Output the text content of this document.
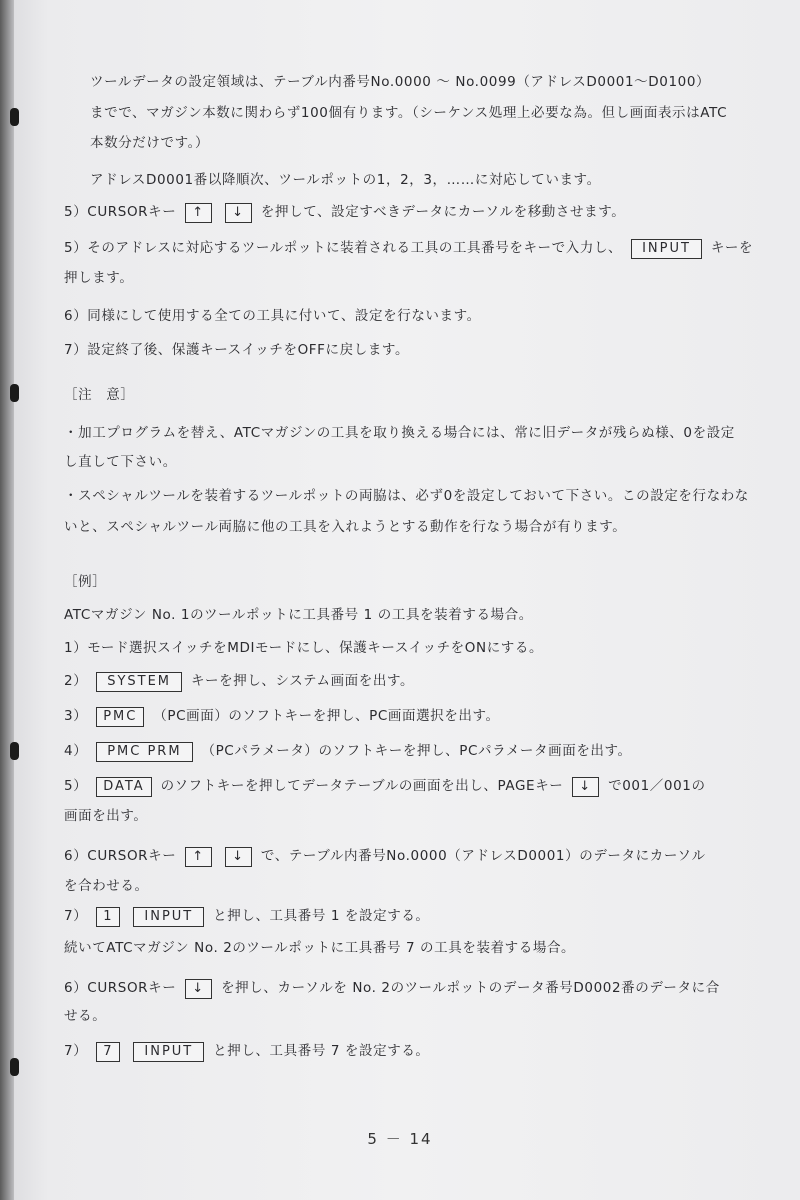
ツールデータの設定領域は、テーブル内番号No.0000 〜 No.0099（アドレスD0001〜D0100）
までで、マガジン本数に関わらず100個有ります。（シーケンス処理上必要な為。但し画面表示はATC
本数分だけです。）
アドレスD0001番以降順次、ツールポットの1，2，3，……に対応しています。
5）CURSORキー ↑ ↓ を押して、設定すべきデータにカーソルを移動させます。
5）そのアドレスに対応するツールポットに装着される工具の工具番号をキーで入力し、 INPUT キーを
押します。
6）同様にして使用する全ての工具に付いて、設定を行ないます。
7）設定終了後、保護キースイッチをOFFに戻します。
［注　意］
・加工プログラムを替え、ATCマガジンの工具を取り換える場合には、常に旧データが残らぬ様、0を設定
し直して下さい。
・スペシャルツールを装着するツールポットの両脇は、必ず0を設定しておいて下さい。この設定を行なわな
いと、スペシャルツール両脇に他の工具を入れようとする動作を行なう場合が有ります。
［例］
ATCマガジン No. 1のツールポットに工具番号 1 の工具を装着する場合。
1）モード選択スイッチをMDIモードにし、保護キースイッチをONにする。
2） SYSTEM キーを押し、システム画面を出す。
3） PMC （PC画面）のソフトキーを押し、PC画面選択を出す。
4） PMC PRM （PCパラメータ）のソフトキーを押し、PCパラメータ画面を出す。
5） DATA のソフトキーを押してデータテーブルの画面を出し、PAGEキー ↓ で001／001の
画面を出す。
6）CURSORキー ↑ ↓ で、テーブル内番号No.0000（アドレスD0001）のデータにカーソル
を合わせる。
7） 1 INPUT と押し、工具番号 1 を設定する。
続いてATCマガジン No. 2のツールポットに工具番号 7 の工具を装着する場合。
6）CURSORキー ↓ を押し、カーソルを No. 2のツールポットのデータ番号D0002番のデータに合
せる。
7） 7 INPUT と押し、工具番号 7 を設定する。
5 － 14
